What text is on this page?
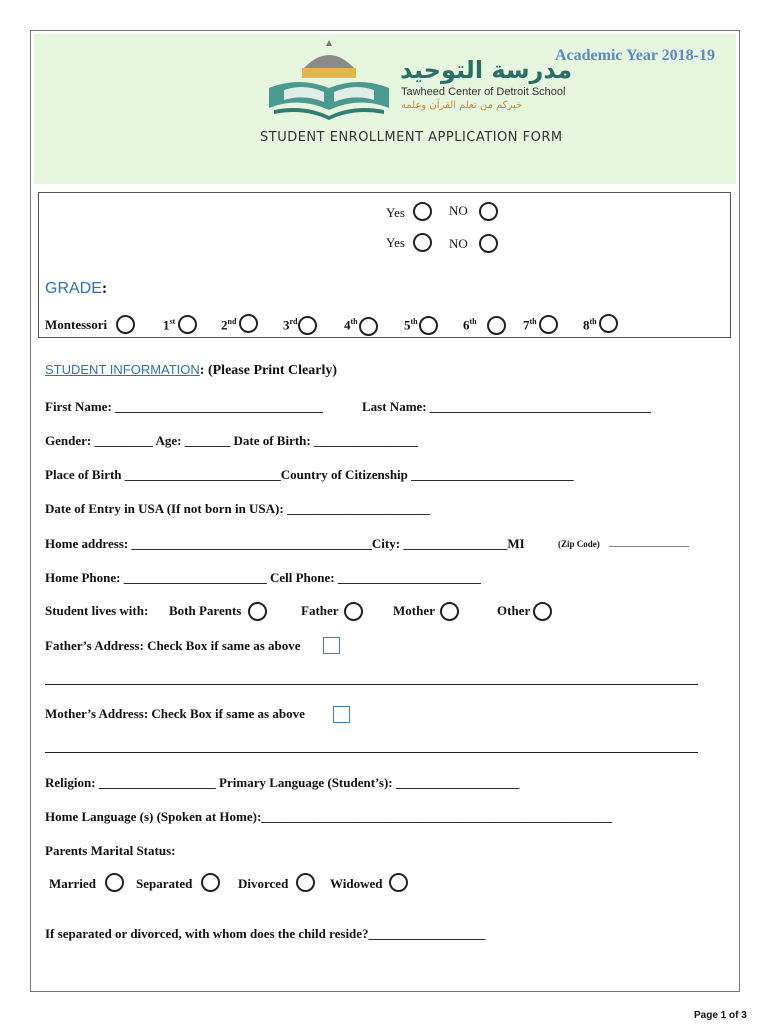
مدرسة التوحيد
Tawheed Center of Detroit School
خيركم من تعلم القرآن وعلمه
Academic Year 2018-19
STUDENT ENROLLMENT APPLICATION FORM
Yes	NO
Yes	NO
GRADE:
Montessori	1st	2nd	3rd	4th	5th	6th	7th	8th
STUDENT INFORMATION: (Please Print Clearly)
First Name: ________________________________	Last Name: __________________________________
Gender: _________ Age: _______ Date of Birth: ________________
Place of Birth ________________________Country of Citizenship _________________________
Date of Entry in USA (If not born in USA): ______________________
Home address: _____________________________________City: ________________MI	(Zip Code) ________________
Home Phone: ______________________ Cell Phone: ______________________
Student lives with: Both Parents	Father	Mother	Other
Father’s Address: Check Box if same as above
Mother’s Address: Check Box if same as above
Religion: __________________ Primary Language (Student’s): ___________________
Home Language (s) (Spoken at Home):______________________________________________________
Parents Marital Status:
Married	Separated	Divorced	Widowed
If separated or divorced, with whom does the child reside?__________________
Page 1 of 3
